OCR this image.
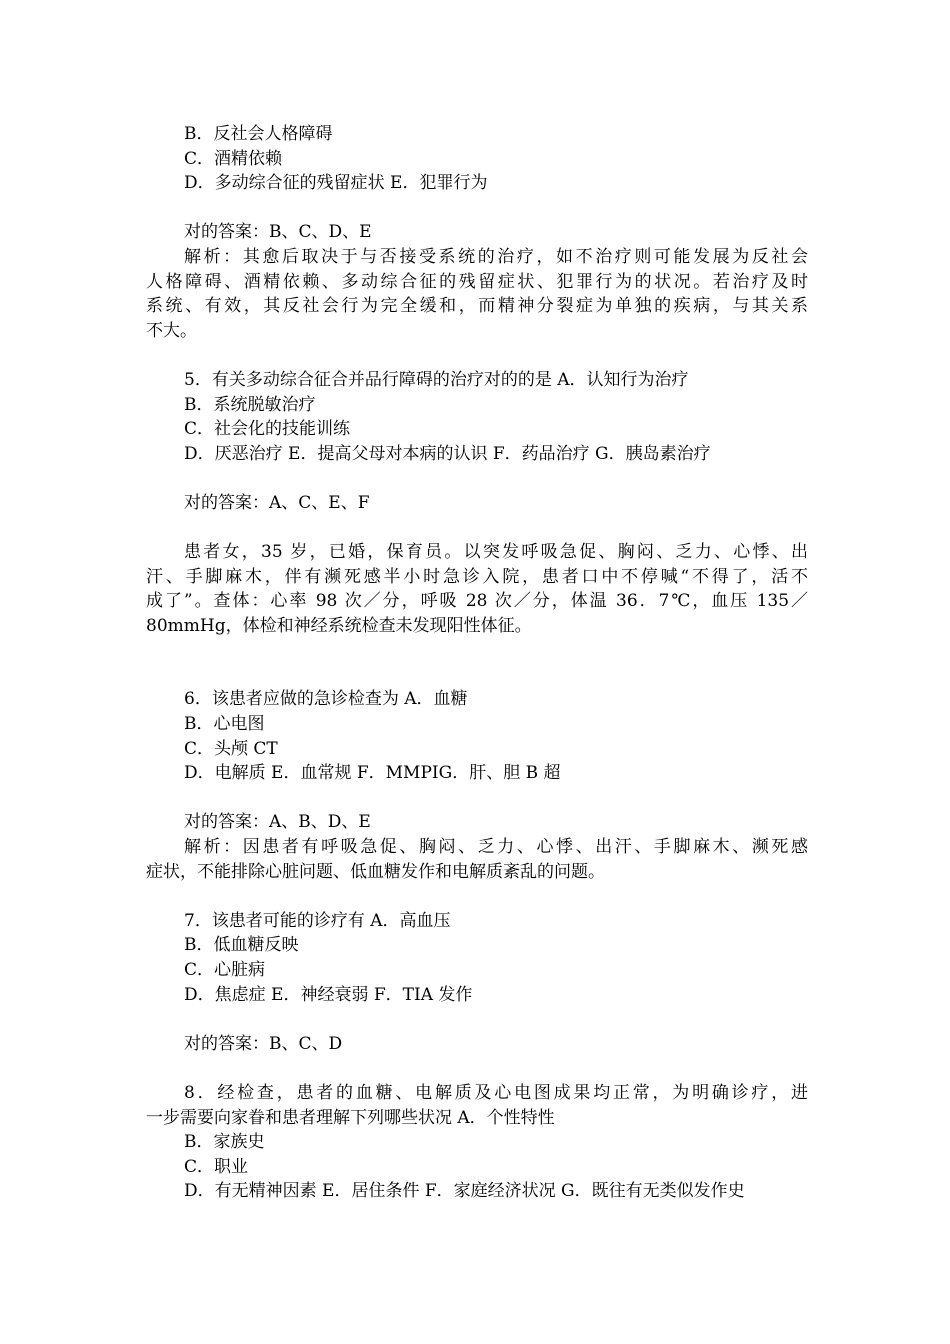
B．反社会人格障碍
C．酒精依赖
D．多动综合征的残留症状 E．犯罪行为
对的答案：B、C、D、E
解析：其愈后取决于与否接受系统的治疗，如不治疗则可能发展为反社会
人格障碍、酒精依赖、多动综合征的残留症状、犯罪行为的状况。若治疗及时
系统、有效，其反社会行为完全缓和，而精神分裂症为单独的疾病，与其关系
不大。
5．有关多动综合征合并品行障碍的治疗对的的是 A．认知行为治疗
B．系统脱敏治疗
C．社会化的技能训练
D．厌恶治疗 E．提高父母对本病的认识 F．药品治疗 G．胰岛素治疗
对的答案：A、C、E、F
患者女，35 岁，已婚，保育员。以突发呼吸急促、胸闷、乏力、心悸、出
汗、手脚麻木，伴有濒死感半小时急诊入院，患者口中不停喊“不得了，活不
成了”。查体：心率 98 次／分，呼吸 28 次／分，体温 36．7℃，血压 135／
80mmHg，体检和神经系统检查未发现阳性体征。
6．该患者应做的急诊检查为 A．血糖
B．心电图
C．头颅 CT
D．电解质 E．血常规 F．MMPIG．肝、胆 B 超
对的答案：A、B、D、E
解析：因患者有呼吸急促、胸闷、乏力、心悸、出汗、手脚麻木、濒死感
症状，不能排除心脏问题、低血糖发作和电解质紊乱的问题。
7．该患者可能的诊疗有 A．高血压
B．低血糖反映
C．心脏病
D．焦虑症 E．神经衰弱 F．TIA 发作
对的答案：B、C、D
8．经检查，患者的血糖、电解质及心电图成果均正常，为明确诊疗，进
一步需要向家眷和患者理解下列哪些状况 A．个性特性
B．家族史
C．职业
D．有无精神因素 E．居住条件 F．家庭经济状况 G．既往有无类似发作史
